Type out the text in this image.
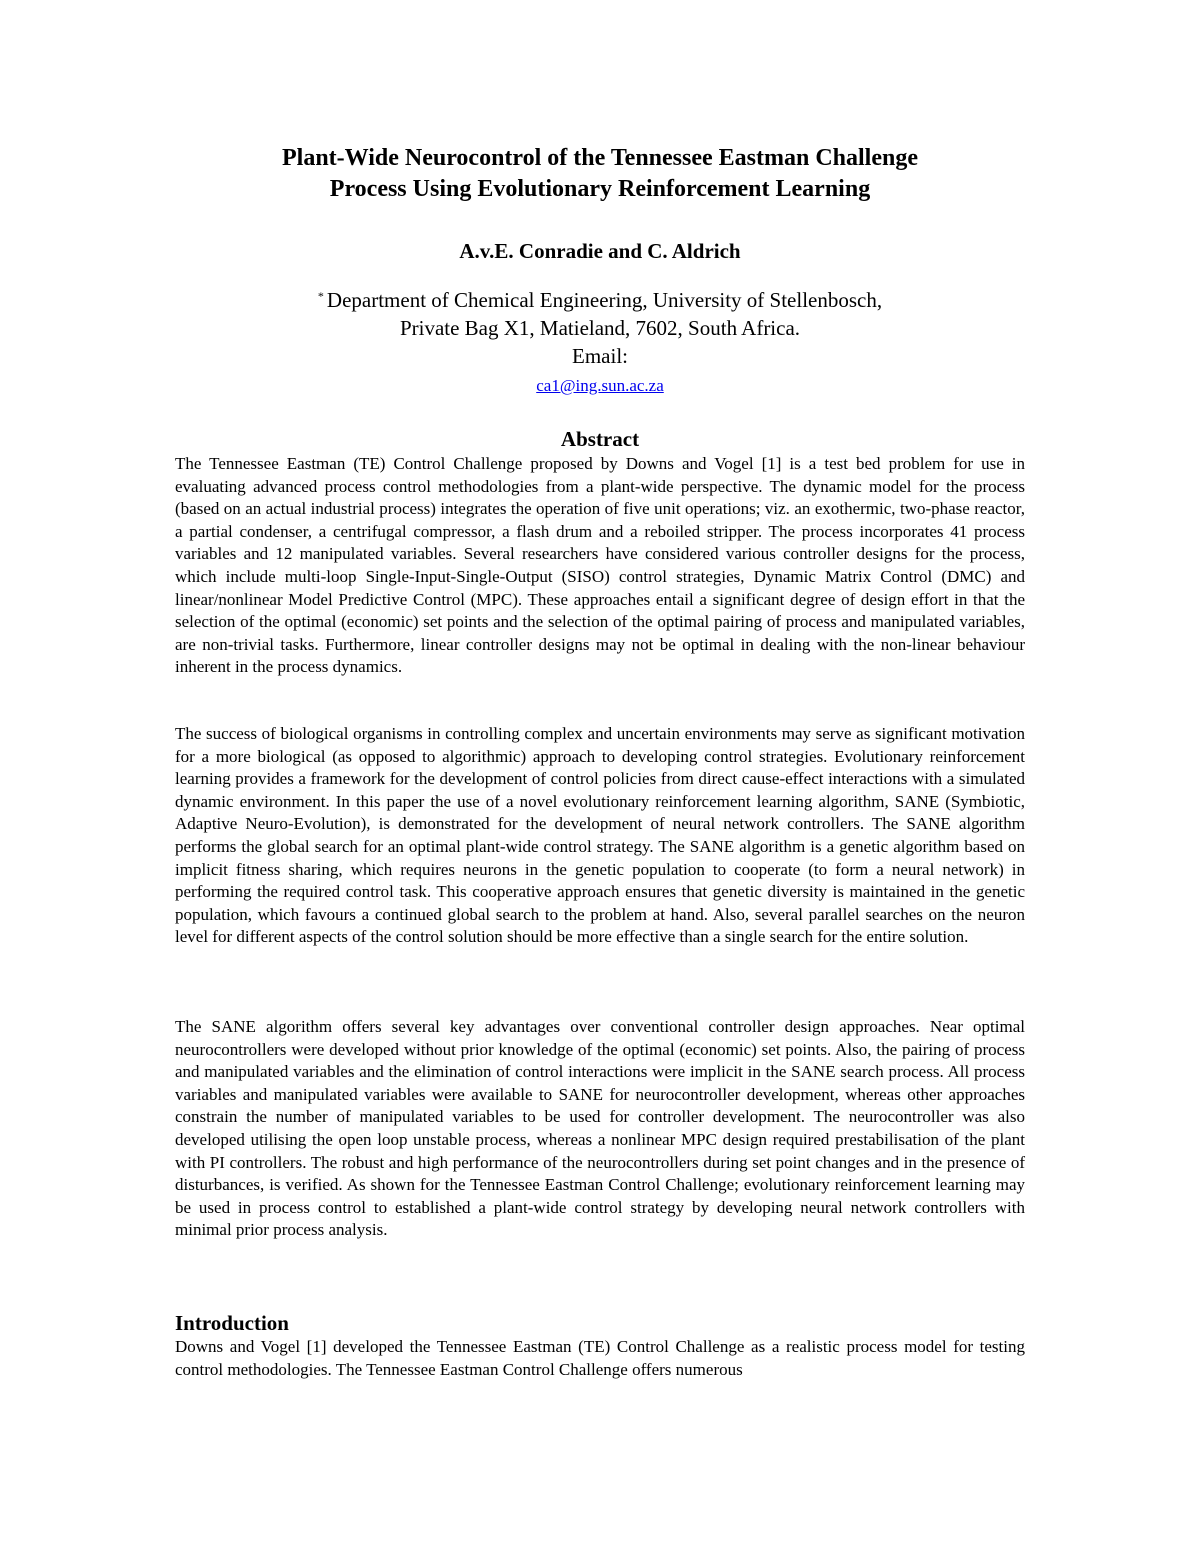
Plant-Wide Neurocontrol of the Tennessee Eastman Challenge
Process Using Evolutionary Reinforcement Learning
A.v.E. Conradie and C. Aldrich
* Department of Chemical Engineering, University of Stellenbosch,
Private Bag X1, Matieland, 7602, South Africa.
Email:
ca1@ing.sun.ac.za
Abstract

The Tennessee Eastman (TE) Control Challenge proposed by Downs and Vogel [1] is a test bed problem for use in evaluating advanced process control methodologies from a plant-wide perspective. The dynamic model for the process (based on an actual industrial process) integrates the operation of five unit operations; viz. an exothermic, two-phase reactor, a partial condenser, a centrifugal compressor, a flash drum and a reboiled stripper. The process incorporates 41 process variables and 12 manipulated variables. Several researchers have considered various controller designs for the process, which include multi-loop Single-Input-Single-Output (SISO) control strategies, Dynamic Matrix Control (DMC) and linear/nonlinear Model Predictive Control (MPC). These approaches entail a significant degree of design effort in that the selection of the optimal (economic) set points and the selection of the optimal pairing of process and manipulated variables, are non-trivial tasks. Furthermore, linear controller designs may not be optimal in dealing with the non-linear behaviour inherent in the process dynamics.

The success of biological organisms in controlling complex and uncertain environments may serve as significant motivation for a more biological (as opposed to algorithmic) approach to developing control strategies. Evolutionary reinforcement learning provides a framework for the development of control policies from direct cause-effect interactions with a simulated dynamic environment. In this paper the use of a novel evolutionary reinforcement learning algorithm, SANE (Symbiotic, Adaptive Neuro-Evolution), is demonstrated for the development of neural network controllers. The SANE algorithm performs the global search for an optimal plant-wide control strategy. The SANE algorithm is a genetic algorithm based on implicit fitness sharing, which requires neurons in the genetic population to cooperate (to form a neural network) in performing the required control task. This cooperative approach ensures that genetic diversity is maintained in the genetic population, which favours a continued global search to the problem at hand. Also, several parallel searches on the neuron level for different aspects of the control solution should be more effective than a single search for the entire solution.

The SANE algorithm offers several key advantages over conventional controller design approaches. Near optimal neurocontrollers were developed without prior knowledge of the optimal (economic) set points. Also, the pairing of process and manipulated variables and the elimination of control interactions were implicit in the SANE search process. All process variables and manipulated variables were available to SANE for neurocontroller development, whereas other approaches constrain the number of manipulated variables to be used for controller development. The neurocontroller was also developed utilising the open loop unstable process, whereas a nonlinear MPC design required prestabilisation of the plant with PI controllers. The robust and high performance of the neurocontrollers during set point changes and in the presence of disturbances, is verified. As shown for the Tennessee Eastman Control Challenge; evolutionary reinforcement learning may be used in process control to established a plant-wide control strategy by developing neural network controllers with minimal prior process analysis.

Introduction

Downs and Vogel [1] developed the Tennessee Eastman (TE) Control Challenge as a realistic process model for testing control methodologies. The Tennessee Eastman Control Challenge offers numerous
